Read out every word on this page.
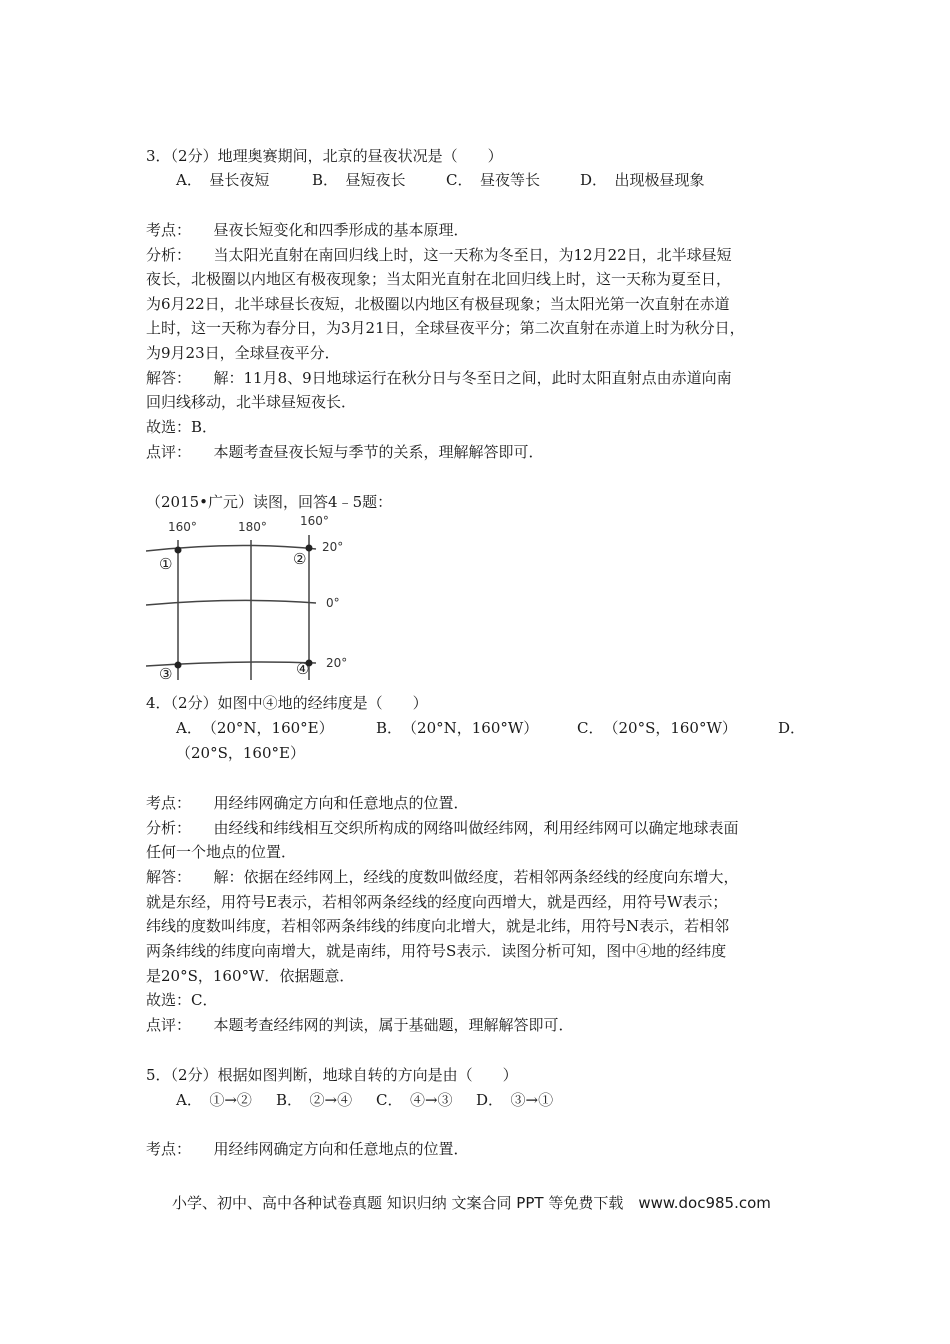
3．（2分）地理奥赛期间，北京的昼夜状况是（　　）
A．　昼长夜短	B．　昼短夜长	C．　昼夜等长	D．　出现极昼现象
考点：　　昼夜长短变化和四季形成的基本原理．
分析：　　当太阳光直射在南回归线上时，这一天称为冬至日，为12月22日，北半球昼短
夜长，北极圈以内地区有极夜现象；当太阳光直射在北回归线上时，这一天称为夏至日，
为6月22日，北半球昼长夜短，北极圈以内地区有极昼现象；当太阳光第一次直射在赤道
上时，这一天称为春分日，为3月21日，全球昼夜平分；第二次直射在赤道上时为秋分日，
为9月23日，全球昼夜平分．
解答：　　解：11月8、9日地球运行在秋分日与冬至日之间，此时太阳直射点由赤道向南
回归线移动，北半球昼短夜长．
故选：B．
点评：　　本题考查昼夜长短与季节的关系，理解解答即可．
（2015•广元）读图，回答4﹣5题：
160°	180°	160°
20°
0°
20°
①	②
③	④
4．（2分）如图中④地的经纬度是（　　）
A．　（20°N，160°E）	B．　（20°N，160°W）	C．　（20°S，160°W）	D．
（20°S，160°E）
考点：　　用经纬网确定方向和任意地点的位置．
分析：　　由经线和纬线相互交织所构成的网络叫做经纬网，利用经纬网可以确定地球表面
任何一个地点的位置．
解答：　　解：依据在经纬网上，经线的度数叫做经度，若相邻两条经线的经度向东增大，
就是东经，用符号E表示，若相邻两条经线的经度向西增大，就是西经，用符号W表示；
纬线的度数叫纬度，若相邻两条纬线的纬度向北增大，就是北纬，用符号N表示，若相邻
两条纬线的纬度向南增大，就是南纬，用符号S表示．读图分析可知，图中④地的经纬度
是20°S，160°W．依据题意．
故选：C．
点评：　　本题考查经纬网的判读，属于基础题，理解解答即可．
5．（2分）根据如图判断，地球自转的方向是由（　　）
A．　①→② B．　②→④ C．　④→③ D．　③→①
考点：　　用经纬网确定方向和任意地点的位置．
小学、初中、高中各种试卷真题 知识归纳 文案合同 PPT 等免费下载　www.doc985.com
